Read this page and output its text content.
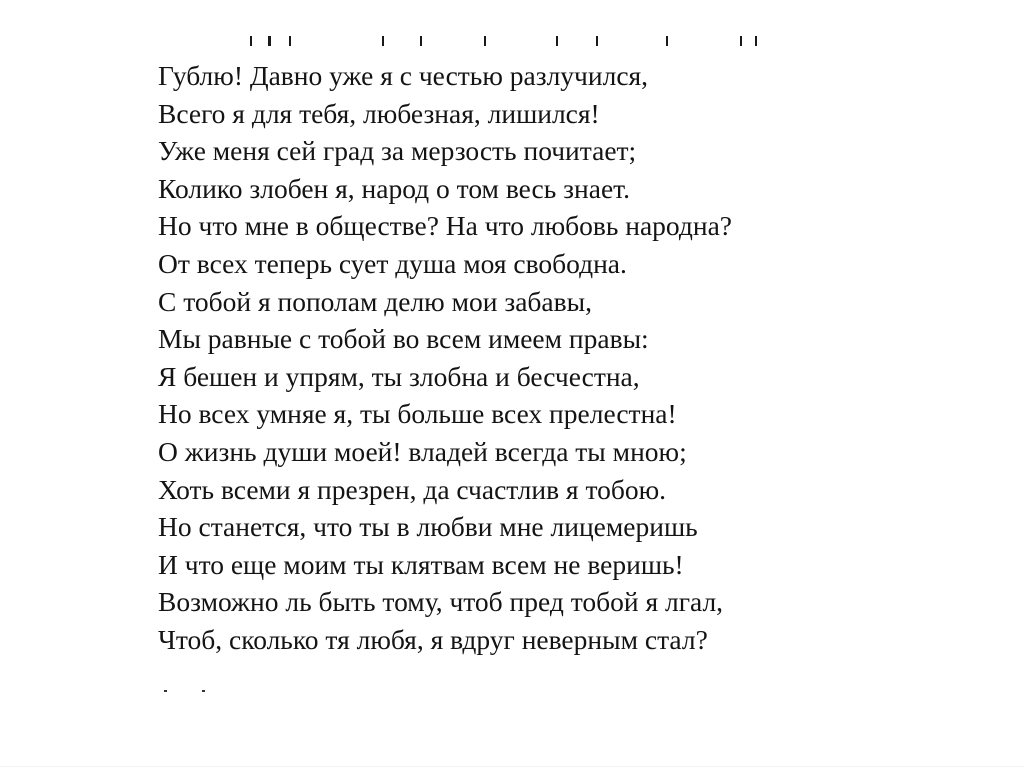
Гублю! Давно уже я с честью разлучился,
Всего я для тебя, любезная, лишился!
Уже меня сей град за мерзость почитает;
Колико злобен я, народ о том весь знает.
Но что мне в обществе? На что любовь народна?
От всех теперь сует душа моя свободна.
С тобой я пополам делю мои забавы,
Мы равные с тобой во всем имеем правы:
Я бешен и упрям, ты злобна и бесчестна,
Но всех умняе я, ты больше всех прелестна!
О жизнь души моей! владей всегда ты мною;
Хоть всеми я презрен, да счастлив я тобою.
Но станется, что ты в любви мне лицемеришь
И что еще моим ты клятвам всем не веришь!
Возможно ль быть тому, чтоб пред тобой я лгал,
Чтоб, сколько тя любя, я вдруг неверным стал?
